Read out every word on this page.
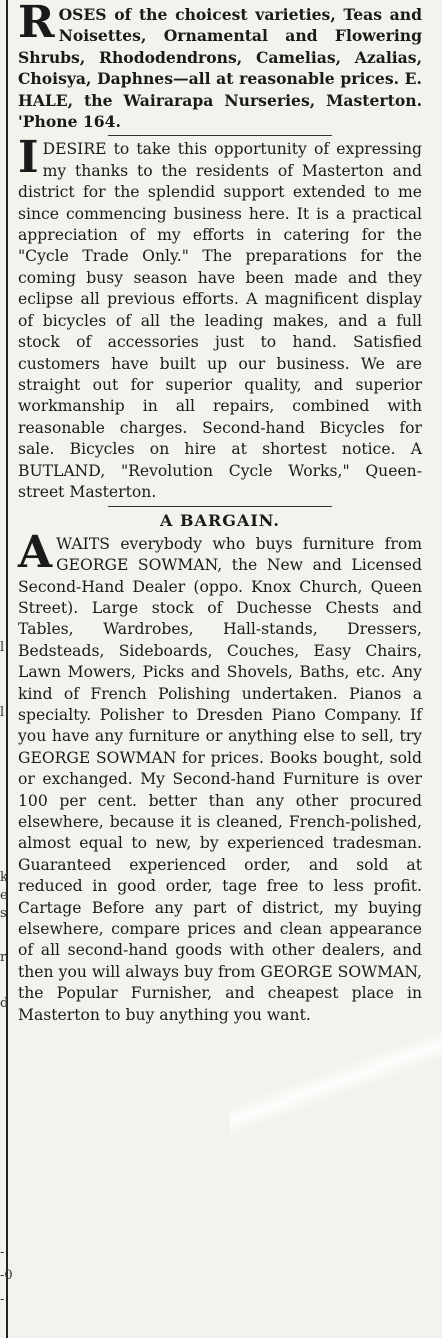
l
l
k
e
s
r
d
-
-0
-
R OSES of the choicest varieties, Teas and Noisettes, Ornamental and Flowering Shrubs, Rhododendrons, Camelias, Azalias, Choisya, Daphnes—all at reasonable prices. E. HALE, the Wairarapa Nurseries, Masterton. 'Phone 164.

I DESIRE to take this opportunity of expressing my thanks to the residents of Masterton and district for the splendid support extended to me since commencing business here. It is a practical appreciation of my efforts in catering for the "Cycle Trade Only." The preparations for the coming busy season have been made and they eclipse all previous efforts. A magnificent display of bicycles of all the leading makes, and a full stock of accessories just to hand. Satisfied customers have built up our business. We are straight out for superior quality, and superior workmanship in all repairs, combined with reasonable charges. Second-hand Bicycles for sale. Bicycles on hire at shortest notice. A BUTLAND, "Revolution Cycle Works," Queen-street Masterton.

A BARGAIN.
A WAITS everybody who buys furniture from GEORGE SOWMAN, the New and Licensed Second-Hand Dealer (oppo. Knox Church, Queen Street). Large stock of Duchesse Chests and Tables, Wardrobes, Hall-stands, Dressers, Bedsteads, Sideboards, Couches, Easy Chairs, Lawn Mowers, Picks and Shovels, Baths, etc. Any kind of French Polishing undertaken. Pianos a specialty. Polisher to Dresden Piano Company. If you have any furniture or anything else to sell, try GEORGE SOWMAN for prices. Books bought, sold or exchanged. My Second-hand Furniture is over 100 per cent. better than any other procured elsewhere, because it is cleaned, French-polished, almost equal to new, by experienced tradesman. Guaranteed experienced order, and sold at reduced in good order, tage free to less profit. Cartage Before any part of district, my buying elsewhere, compare prices and clean appearance of all second-hand goods with other dealers, and then you will always buy from GEORGE SOWMAN, the Popular Furnisher, and cheapest place in Masterton to buy anything you want.
